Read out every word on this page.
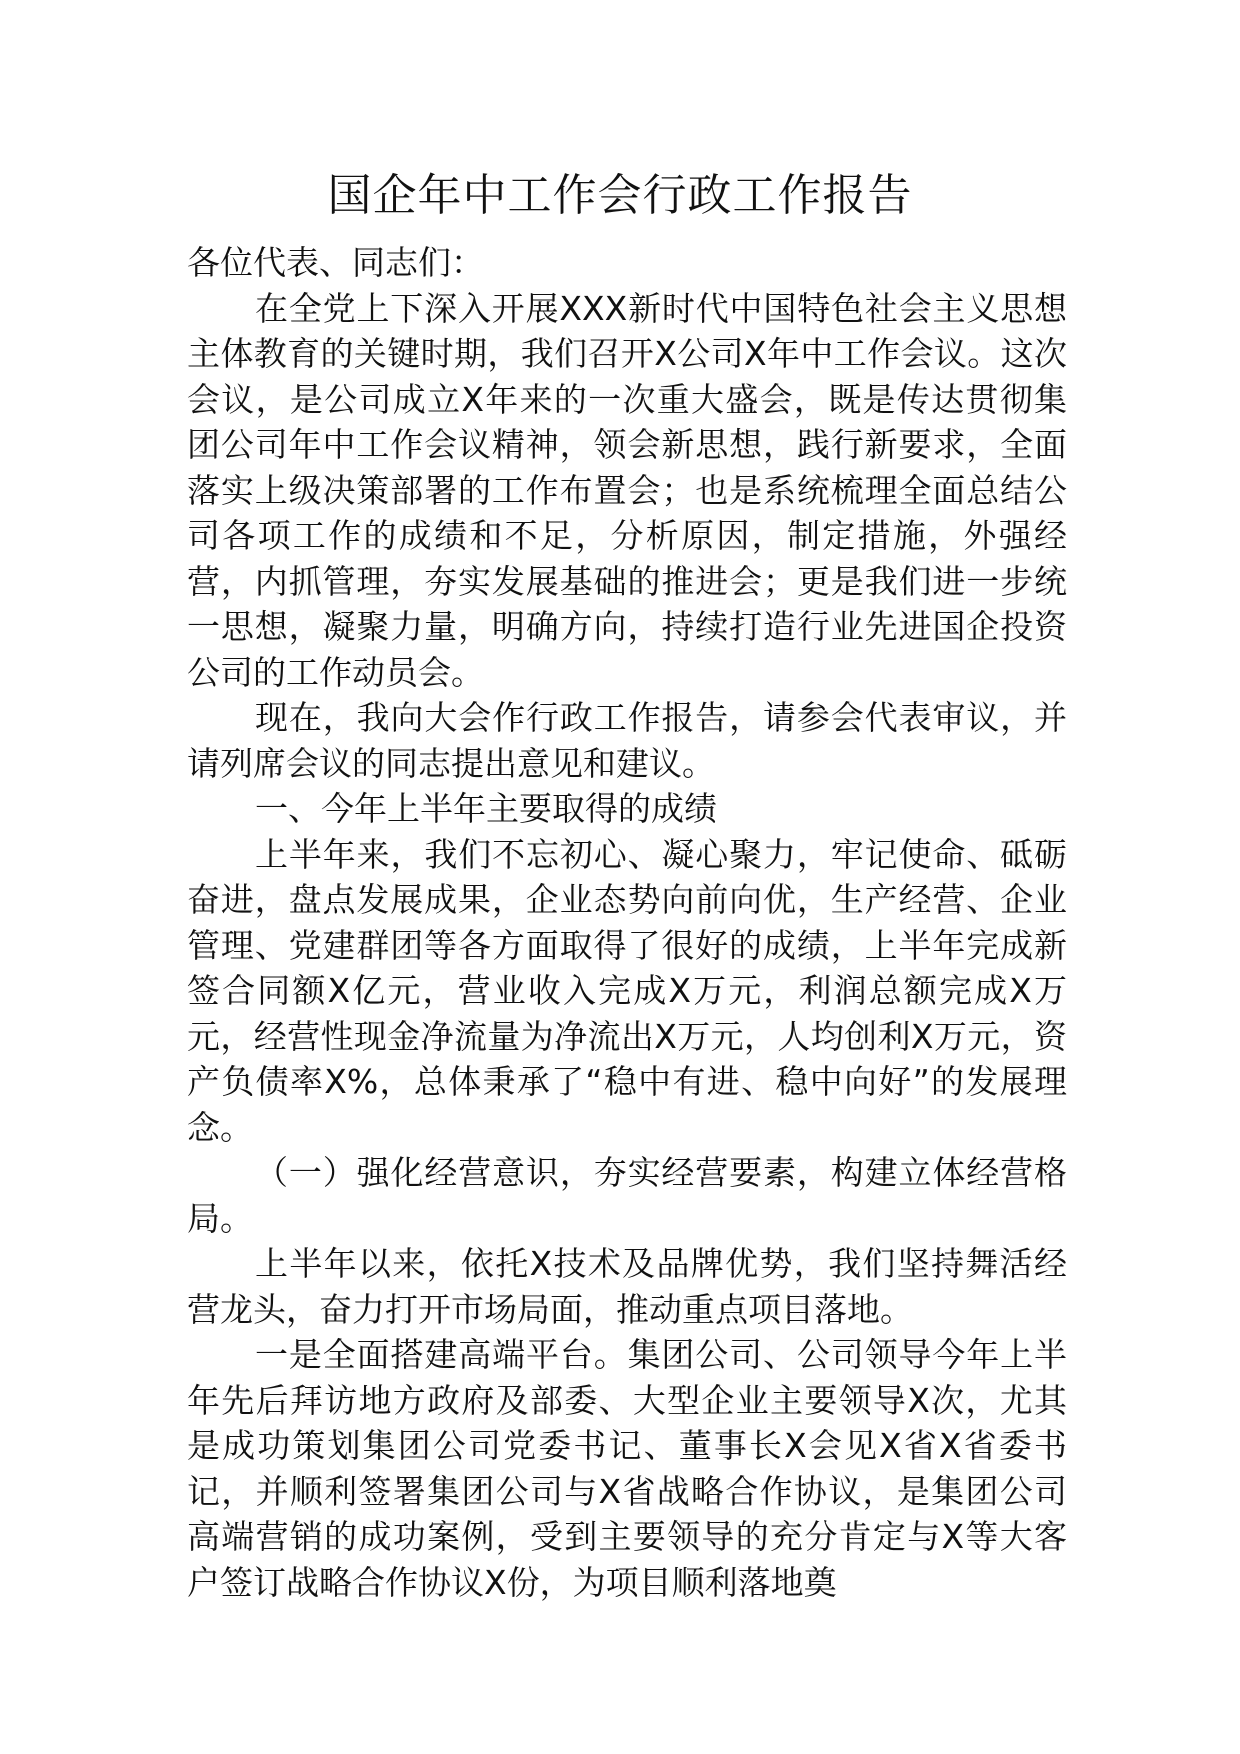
国企年中工作会行政工作报告

各位代表、同志们：

在全党上下深入开展XXX新时代中国特色社会主义思想主体教育的关键时期，我们召开X公司X年中工作会议。这次会议，是公司成立X年来的一次重大盛会，既是传达贯彻集团公司年中工作会议精神，领会新思想，践行新要求，全面落实上级决策部署的工作布置会；也是系统梳理全面总结公司各项工作的成绩和不足，分析原因，制定措施，外强经营，内抓管理，夯实发展基础的推进会；更是我们进一步统一思想，凝聚力量，明确方向，持续打造行业先进国企投资公司的工作动员会。

现在，我向大会作行政工作报告，请参会代表审议，并请列席会议的同志提出意见和建议。

一、今年上半年主要取得的成绩

上半年来，我们不忘初心、凝心聚力，牢记使命、砥砺奋进，盘点发展成果，企业态势向前向优，生产经营、企业管理、党建群团等各方面取得了很好的成绩，上半年完成新签合同额X亿元，营业收入完成X万元，利润总额完成X万元，经营性现金净流量为净流出X万元，人均创利X万元，资产负债率X%，总体秉承了“稳中有进、稳中向好”的发展理念。

（一）强化经营意识，夯实经营要素，构建立体经营格局。

上半年以来，依托X技术及品牌优势，我们坚持舞活经营龙头，奋力打开市场局面，推动重点项目落地。

一是全面搭建高端平台。集团公司、公司领导今年上半年先后拜访地方政府及部委、大型企业主要领导X次，尤其是成功策划集团公司党委书记、董事长X会见X省X省委书记，并顺利签署集团公司与X省战略合作协议，是集团公司高端营销的成功案例，受到主要领导的充分肯定与X等大客户签订战略合作协议X份，为项目顺利落地奠
